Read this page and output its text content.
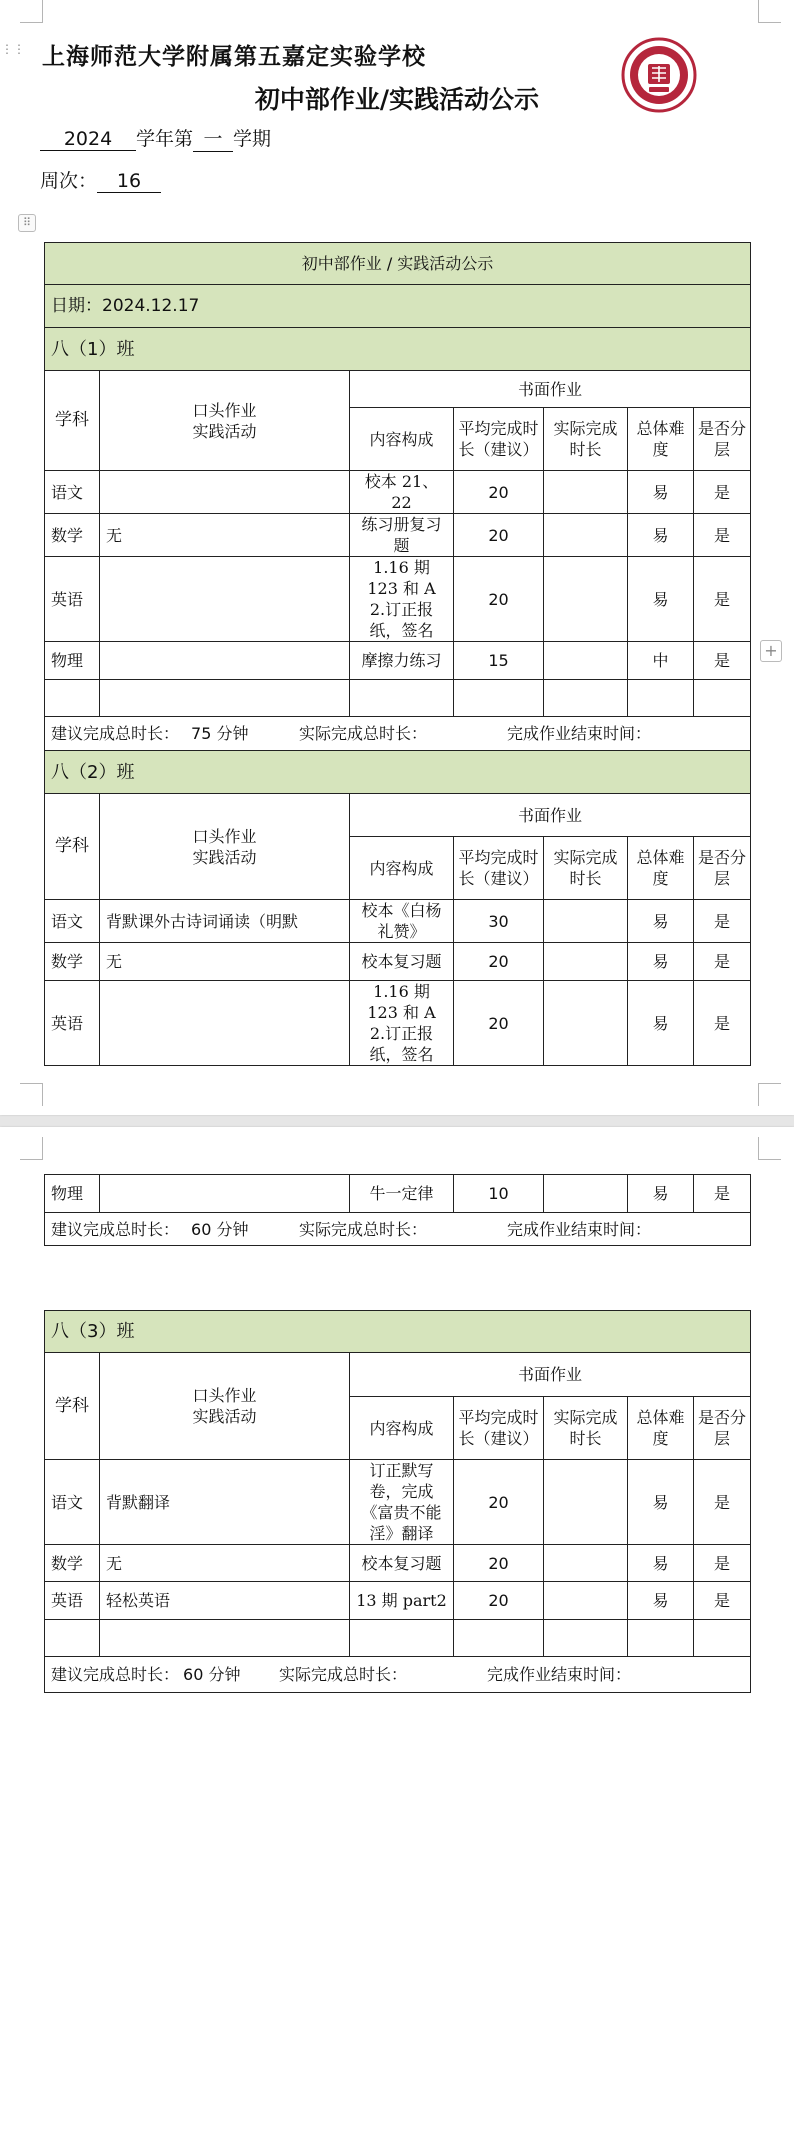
⋮⋮ 上海师范大学附属第五嘉定实验学校
初中部作业/实践活动公示
2024 学年第 一 学期
周次： 16
⠿
+
初中部作业 / 实践活动公示						
日期：2024.12.17						
八（1）班						
学科	口头作业
实践活动	书面作业				
		内容构成	平均完成时长（建议）	实际完成时长	总体难度	是否分层
语文		校本 21、22	20		易	是
数学	无	练习册复习题	20		易	是
英语		1.16 期 123 和 A
2.订正报纸，签名	20		易	是
物理		摩擦力练习	15		中	是

建议完成总时长： 75 分钟 实际完成总时长： 完成作业结束时间：						
八（2）班						
学科	口头作业
实践活动	书面作业				
		内容构成	平均完成时长（建议）	实际完成时长	总体难度	是否分层
语文	背默课外古诗词诵读（明默	校本《白杨礼赞》	30		易	是
数学	无	校本复习题	20		易	是
英语		1.16 期 123 和 A
2.订正报纸，签名	20		易	是
物理		牛一定律	10		易	是
建议完成总时长： 60 分钟	实际完成总时长：	完成作业结束时间：
八（3）班						
学科	口头作业
实践活动	书面作业				
		内容构成	平均完成时长（建议）	实际完成时长	总体难度	是否分层
语文	背默翻译	订正默写卷，完成《富贵不能淫》翻译	20		易	是
数学	无	校本复习题	20		易	是
英语	轻松英语	13 期 part2	20		易	是

建议完成总时长： 60 分钟 实际完成总时长： 完成作业结束时间：						
